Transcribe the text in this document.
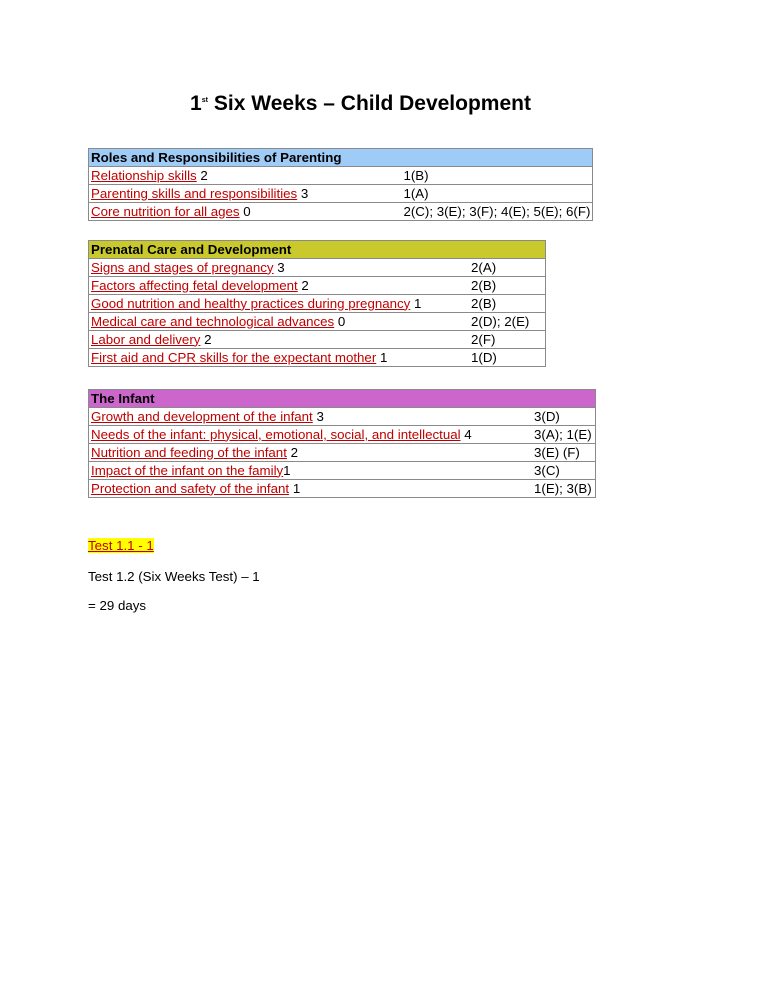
1st Six Weeks – Child Development
Roles and Responsibilities of Parenting	
Relationship skills 2	1(B)
Parenting skills and responsibilities 3	1(A)
Core nutrition for all ages 0	2(C); 3(E); 3(F); 4(E); 5(E); 6(F)
Prenatal Care and Development	
Signs and stages of pregnancy 3	2(A)
Factors affecting fetal development 2	2(B)
Good nutrition and healthy practices during pregnancy 1	2(B)
Medical care and technological advances 0	2(D); 2(E)
Labor and delivery 2	2(F)
First aid and CPR skills for the expectant mother 1	1(D)
The Infant	
Growth and development of the infant 3	3(D)
Needs of the infant: physical, emotional, social, and intellectual 4	3(A); 1(E)
Nutrition and feeding of the infant 2	3(E) (F)
Impact of the infant on the family1	3(C)
Protection and safety of the infant 1	1(E); 3(B)

Test 1.1 - 1

Test 1.2 (Six Weeks Test) – 1

= 29 days
